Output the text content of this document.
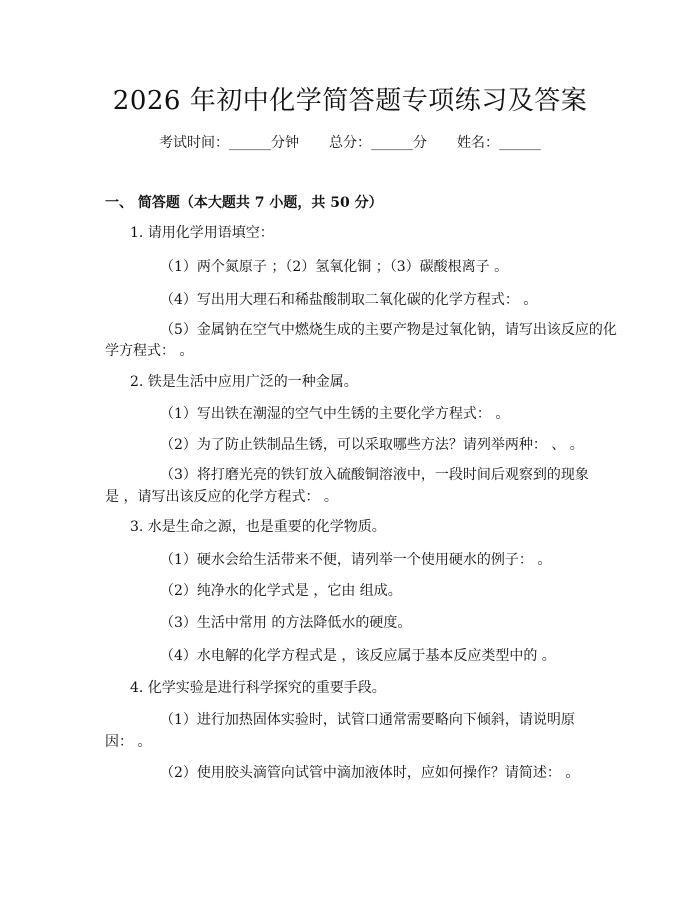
2026 年初中化学简答题专项练习及答案
考试时间：______分钟 总分：______分 姓名：______
一、 简答题（本大题共 7 小题，共 50 分）
1. 请用化学用语填空：
（1）两个氮原子 ；（2）氢氧化铜 ；（3）碳酸根离子 。
（4）写出用大理石和稀盐酸制取二氧化碳的化学方程式： 。
（5）金属钠在空气中燃烧生成的主要产物是过氧化钠，请写出该反应的化
学方程式： 。
2. 铁是生活中应用广泛的一种金属。
（1）写出铁在潮湿的空气中生锈的主要化学方程式： 。
（2）为了防止铁制品生锈，可以采取哪些方法？请列举两种： 、 。
（3）将打磨光亮的铁钉放入硫酸铜溶液中，一段时间后观察到的现象
是 ，请写出该反应的化学方程式： 。
3. 水是生命之源，也是重要的化学物质。
（1）硬水会给生活带来不便，请列举一个使用硬水的例子： 。
（2）纯净水的化学式是 ，它由 组成。
（3）生活中常用 的方法降低水的硬度。
（4）水电解的化学方程式是 ，该反应属于基本反应类型中的 。
4. 化学实验是进行科学探究的重要手段。
（1）进行加热固体实验时，试管口通常需要略向下倾斜，请说明原
因： 。
（2）使用胶头滴管向试管中滴加液体时，应如何操作？请简述： 。
